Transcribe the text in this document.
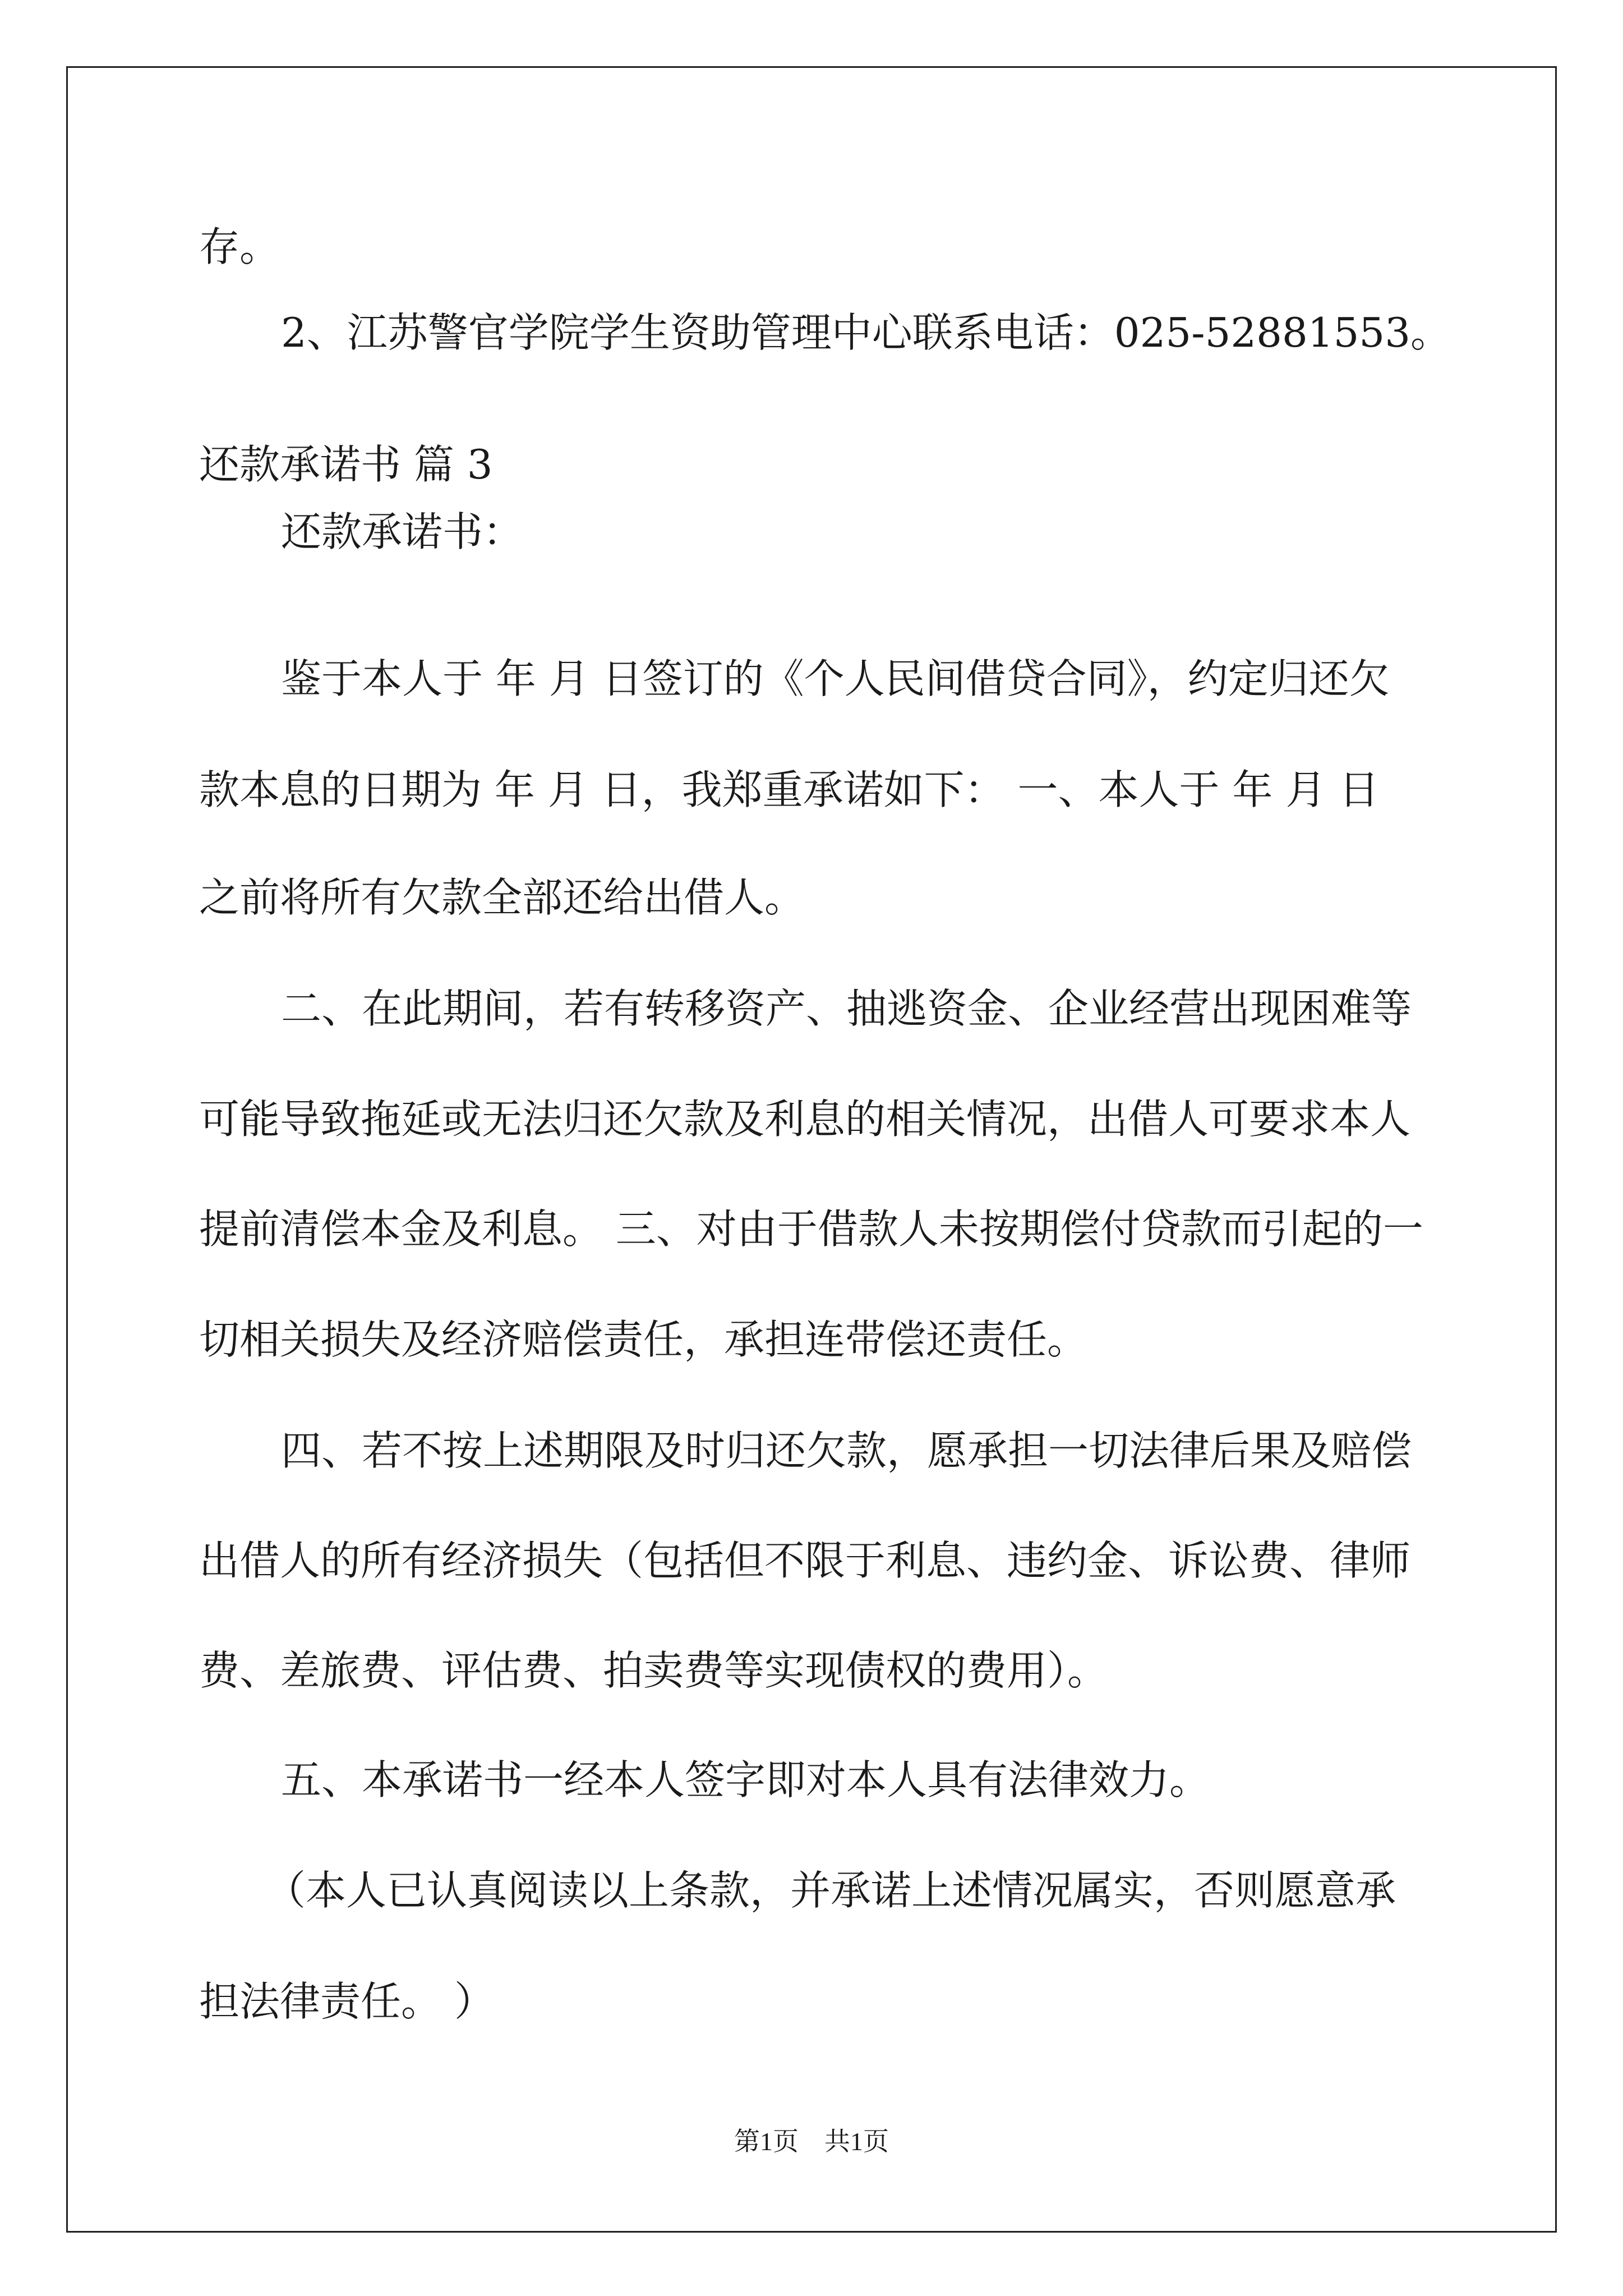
存。
2、江苏警官学院学生资助管理中心联系电话：025-52881553。
还款承诺书 篇 3
还款承诺书：
鉴于本人于 年 月 日签订的《个人民间借贷合同》，约定归还欠
款本息的日期为 年 月 日，我郑重承诺如下： 一、本人于 年 月 日
之前将所有欠款全部还给出借人。
二、在此期间，若有转移资产、抽逃资金、企业经营出现困难等
可能导致拖延或无法归还欠款及利息的相关情况，出借人可要求本人
提前清偿本金及利息。 三、对由于借款人未按期偿付贷款而引起的一
切相关损失及经济赔偿责任，承担连带偿还责任。
四、若不按上述期限及时归还欠款，愿承担一切法律后果及赔偿
出借人的所有经济损失（包括但不限于利息、违约金、诉讼费、律师
费、差旅费、评估费、拍卖费等实现债权的费用）。
五、本承诺书一经本人签字即对本人具有法律效力。
（本人已认真阅读以上条款，并承诺上述情况属实，否则愿意承
担法律责任。 ）
第1页 共1页
